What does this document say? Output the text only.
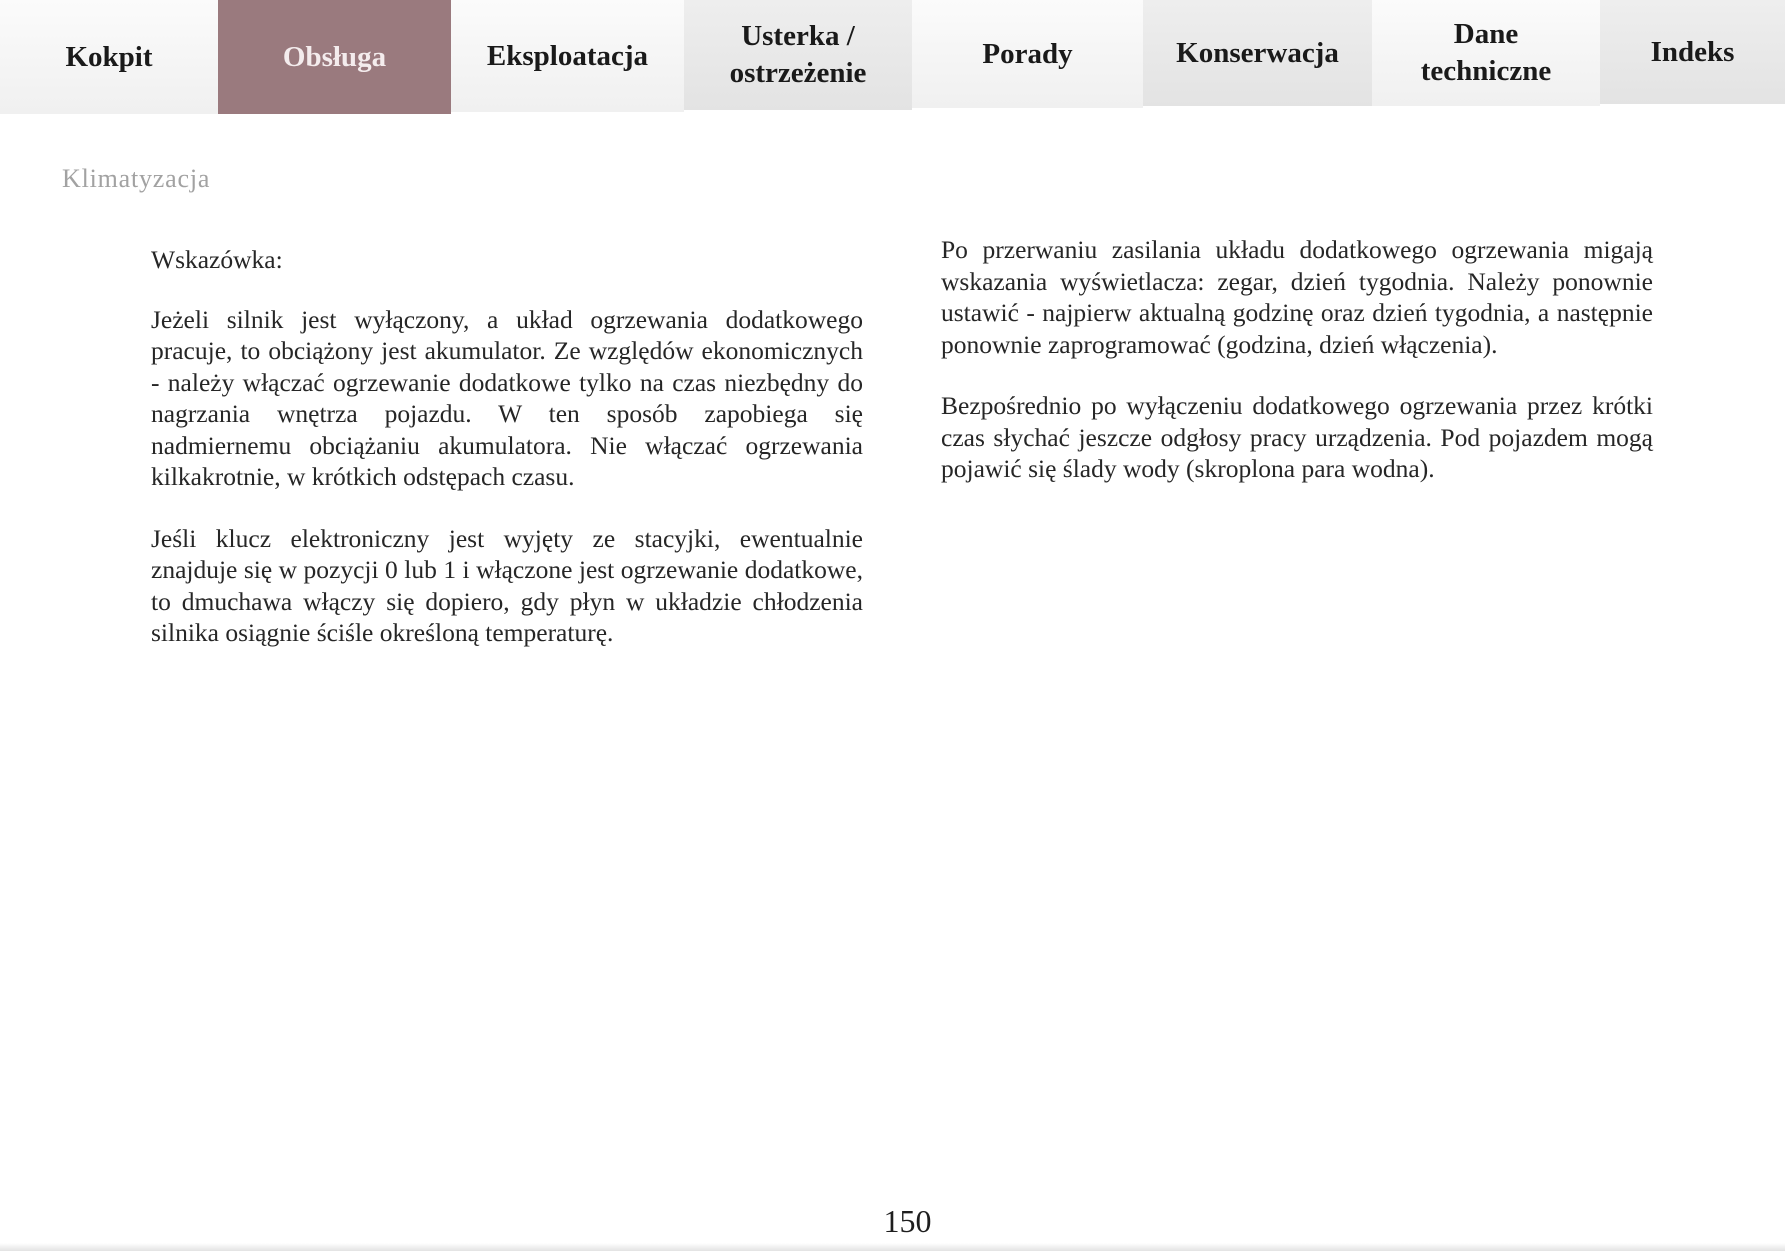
Kokpit	Obsługa	Eksploatacja
Usterka /
ostrzeżenie
Porady	Konserwacja
Dane
techniczne
Indeks
Klimatyzacja

Wskazówka:

Jeżeli silnik jest wyłączony, a układ ogrzewania dodatkowego pracuje, to obciążony jest akumulator. Ze względów ekonomicznych - należy włączać ogrzewanie dodatkowe tylko na czas niezbędny do nagrzania wnętrza pojazdu. W ten sposób zapobiega się nadmiernemu obciążaniu akumulatora. Nie włączać ogrzewania kilkakrotnie, w krótkich odstępach czasu.

Jeśli klucz elektroniczny jest wyjęty ze stacyjki, ewentualnie znajduje się w pozycji 0 lub 1 i włączone jest ogrzewanie dodatkowe, to dmuchawa włączy się dopiero, gdy płyn w układzie chłodzenia silnika osiągnie ściśle określoną temperaturę.

Po przerwaniu zasilania układu dodatkowego ogrzewania migają wskazania wyświetlacza: zegar, dzień tygodnia. Należy ponownie ustawić - najpierw aktualną godzinę oraz dzień tygodnia, a następnie ponownie zaprogramować (godzina, dzień włączenia).

Bezpośrednio po wyłączeniu dodatkowego ogrzewania przez krótki czas słychać jeszcze odgłosy pracy urządzenia. Pod pojazdem mogą pojawić się ślady wody (skroplona para wodna).

150
